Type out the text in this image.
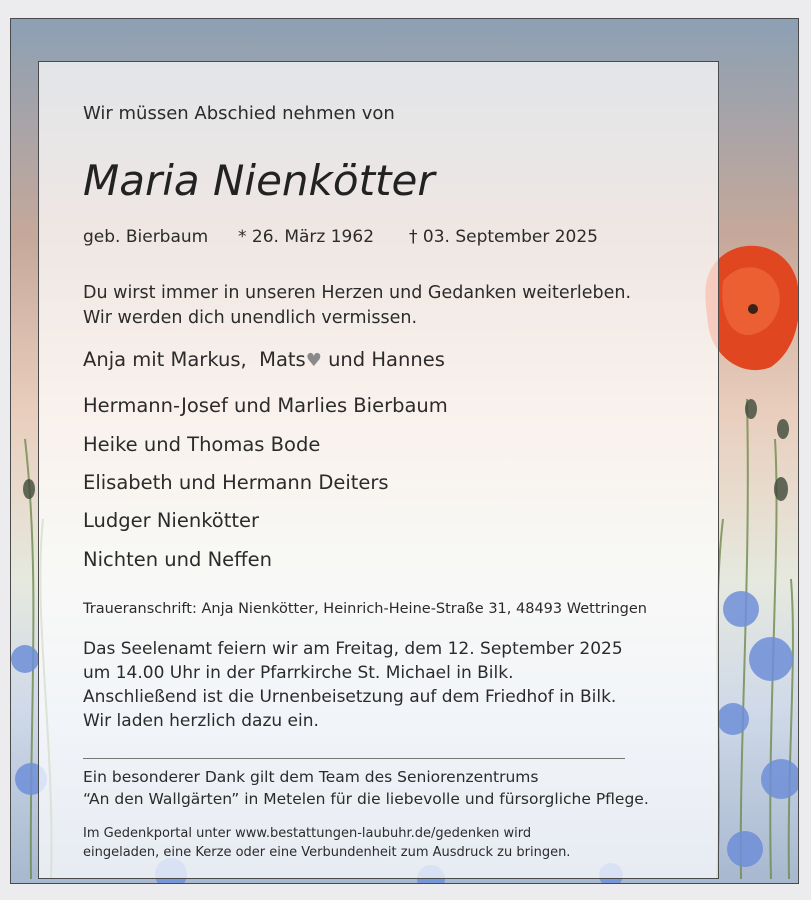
Wir müssen Abschied nehmen von
Maria Nienkötter
geb. Bierbaum * 26. März 1962 † 03. September 2025
Du wirst immer in unseren Herzen und Gedanken weiterleben.
Wir werden dich unendlich vermissen.
Anja mit Markus, Mats♥ und Hannes
Hermann-Josef und Marlies Bierbaum
Heike und Thomas Bode
Elisabeth und Hermann Deiters
Ludger Nienkötter
Nichten und Neffen
Traueranschrift: Anja Nienkötter, Heinrich-Heine-Straße 31, 48493 Wettringen
Das Seelenamt feiern wir am Freitag, dem 12. September 2025
um 14.00 Uhr in der Pfarrkirche St. Michael in Bilk.
Anschließend ist die Urnenbeisetzung auf dem Friedhof in Bilk.
Wir laden herzlich dazu ein.
Ein besonderer Dank gilt dem Team des Seniorenzentrums
“An den Wallgärten” in Metelen für die liebevolle und fürsorgliche Pflege.
Im Gedenkportal unter www.bestattungen-laubuhr.de/gedenken wird
eingeladen, eine Kerze oder eine Verbundenheit zum Ausdruck zu bringen.
